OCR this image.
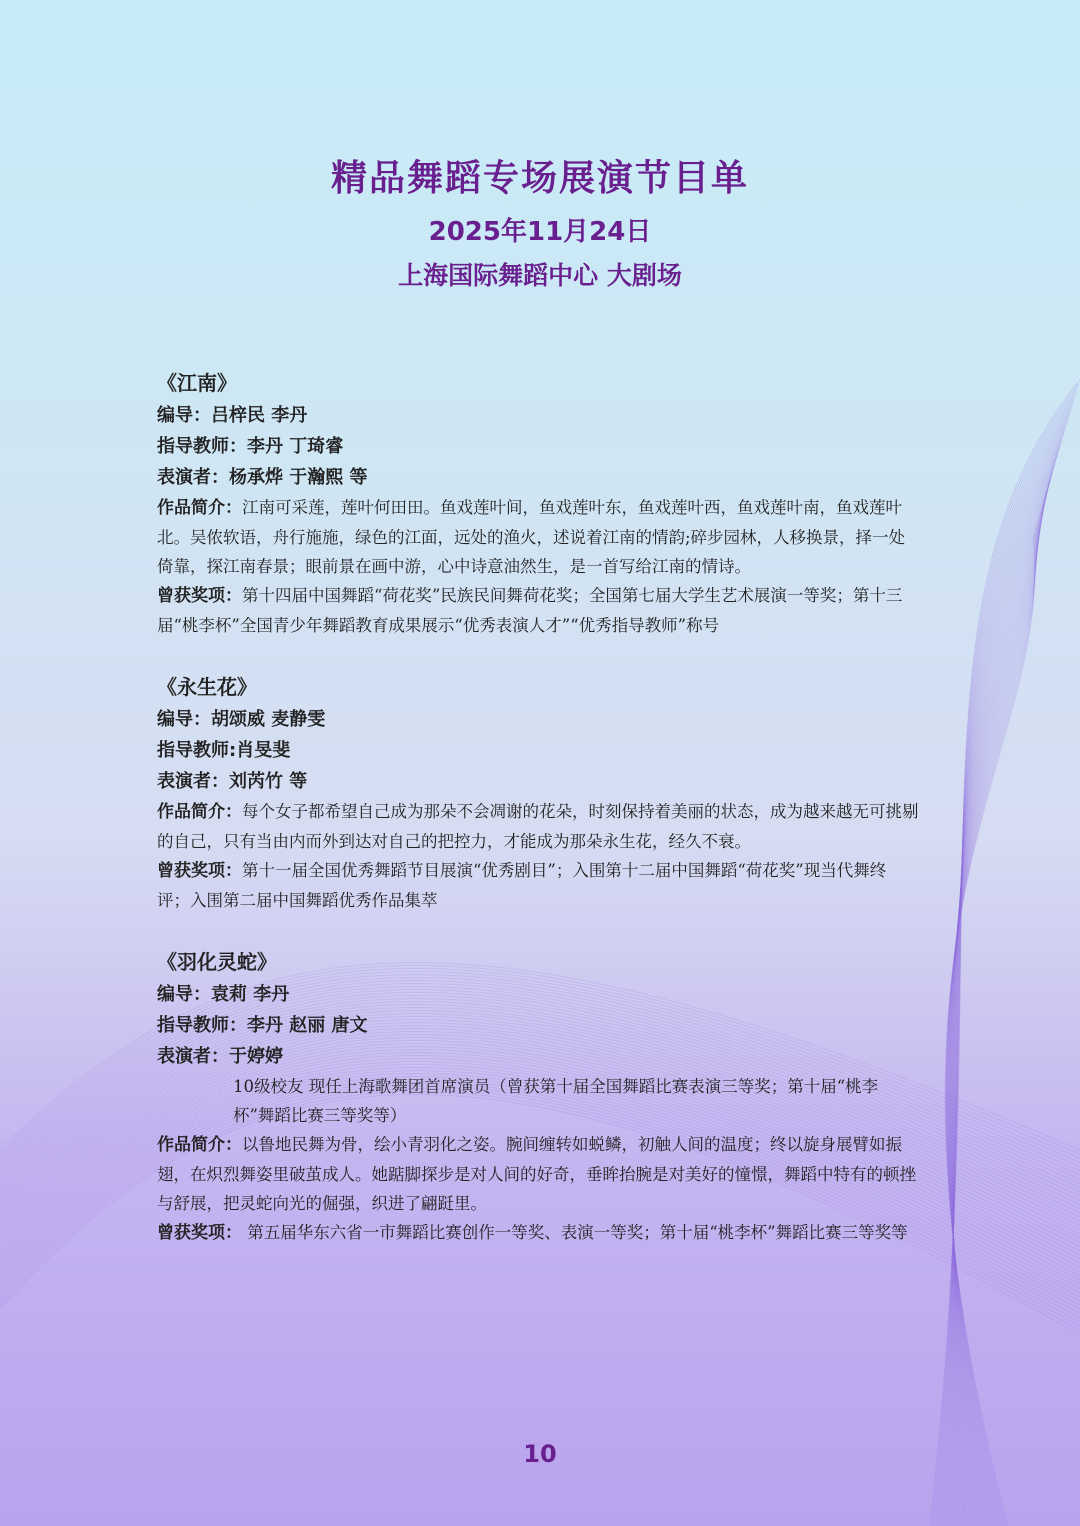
精品舞蹈专场展演节目单
2025年11月24日
上海国际舞蹈中心 大剧场
《江南》
编导：吕梓民 李丹
指导教师：李丹 丁琦睿
表演者：杨承烨 于瀚熙 等
作品简介：江南可采莲，莲叶何田田。鱼戏莲叶间，鱼戏莲叶东，鱼戏莲叶西，鱼戏莲叶南，鱼戏莲叶北。吴侬软语，舟行施施，绿色的江面，远处的渔火，述说着江南的情韵;碎步园林，人移换景，择一处倚靠，探江南春景；眼前景在画中游，心中诗意油然生，是一首写给江南的情诗。
曾获奖项：第十四届中国舞蹈“荷花奖”民族民间舞荷花奖；全国第七届大学生艺术展演一等奖；第十三届“桃李杯”全国青少年舞蹈教育成果展示“优秀表演人才”“优秀指导教师”称号
《永生花》
编导：胡颂威 麦静雯
指导教师:肖旻斐
表演者：刘芮竹 等
作品简介：每个女子都希望自己成为那朵不会凋谢的花朵，时刻保持着美丽的状态，成为越来越无可挑剔的自己，只有当由内而外到达对自己的把控力，才能成为那朵永生花，经久不衰。
曾获奖项：第十一届全国优秀舞蹈节目展演“优秀剧目”；入围第十二届中国舞蹈“荷花奖”现当代舞终评；入围第二届中国舞蹈优秀作品集萃
《羽化灵蛇》
编导：袁莉 李丹
指导教师：李丹 赵丽 唐文
表演者：于婷婷
10级校友 现任上海歌舞团首席演员（曾获第十届全国舞蹈比赛表演三等奖；第十届“桃李杯”舞蹈比赛三等奖等）
作品简介：以鲁地民舞为骨，绘小青羽化之姿。腕间缠转如蜕鳞，初触人间的温度；终以旋身展臂如振翅，在炽烈舞姿里破茧成人。她踮脚探步是对人间的好奇，垂眸抬腕是对美好的憧憬，舞蹈中特有的顿挫与舒展，把灵蛇向光的倔强，织进了翩跹里。
曾获奖项： 第五届华东六省一市舞蹈比赛创作一等奖、表演一等奖；第十届“桃李杯”舞蹈比赛三等奖等
10
